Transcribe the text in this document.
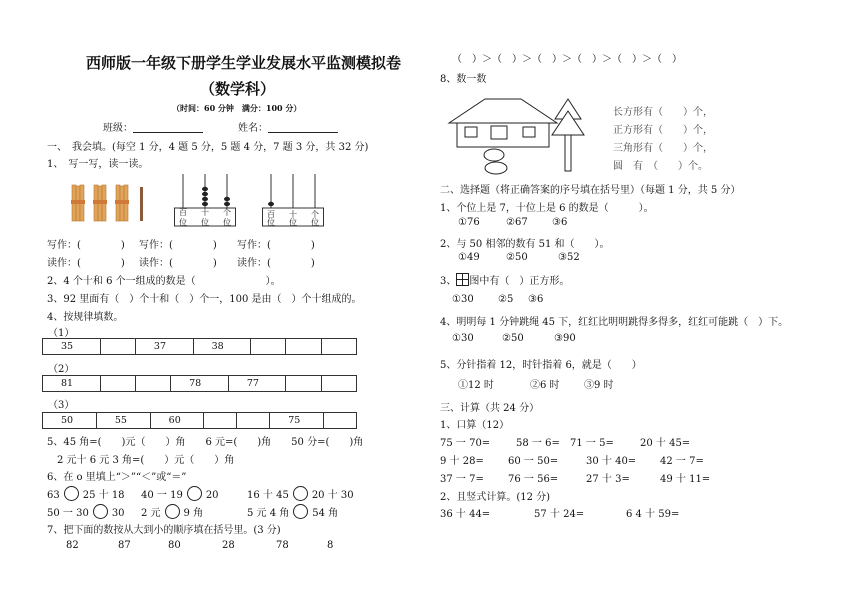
西师版一年级下册学生学业发展水平监测模拟卷
（数学科）
（时间：60 分钟　满分：100 分）
班级：	姓名：
一、　我会填。(每空 1 分，4 题 5 分，5 题 4 分，7 题 3 分，共 32 分)
1、　写一写，读一读。
百 十 个
位 位 位
百 十 个
位 位 位
写作：(　　　　) 写作：(　　　　) 写作：(　　　　)
读作：(　　　　) 读作：(　　　　) 读作：(　　　　)
2、4 个十和 6 个一组成的数是（　　　　　　　）。
3、92 里面有（　）个十和（　）个一，100 是由（　）个十组成的。
4、按规律填数。
（1）
35		37	38			
（2）
81			78	77		
（3）
50	55	60			75	
5、45 角=(　　)元（　　）角　　6 元=(　　)角　　50 分=(　　)角
　2 元十 6 元 3 角=(　　）元（　　）角
6、在 o 里填上“＞”“＜”或“＝”
63 25 十 18 40 一 19 20	16 十 45 20 十 30
50 一 30 30 2 元 9 角	5 元 4 角 54 角
7、把下面的数按从大到小的顺序填在括号里。(3 分)
82	87	80	28	78	8
（　）＞（　）＞（　）＞（　）＞（　）＞（　）
8、数一数
长方形有（　　）个，
正方形有（　　）个，
三角形有（　　）个，
圆　有　（　　）个。
二、选择题（将正确答案的序号填在括号里）（每题 1 分，共 5 分）
1、个位上是 7，十位上是 6 的数是（　　　）。
①76	②67 ③6
2、与 50 相邻的数有 51 和（　　）。
①49	②50	③52
3、 图中有（　）正方形。
①30 ②5 ③6
4、明明每 1 分钟跳绳 45 下，红红比明明跳得多得多，红红可能跳（　）下。
①30	②50	③90
5、分针指着 12，时针指着 6，就是（　　）
①12 时	②6 时 ③9 时
三、计算（共 24 分）
1、口算（12）
75 一 70=	58 一 6= 71 一 5=	20 十 45=
9 十 28= 60 一 50=	30 十 40= 42 一 7=
37 一 7= 76 一 56=	27 十 3=	49 十 11=
2、且竖式计算。(12 分)
36 十 44=	57 十 24=	6 4 十 59=
